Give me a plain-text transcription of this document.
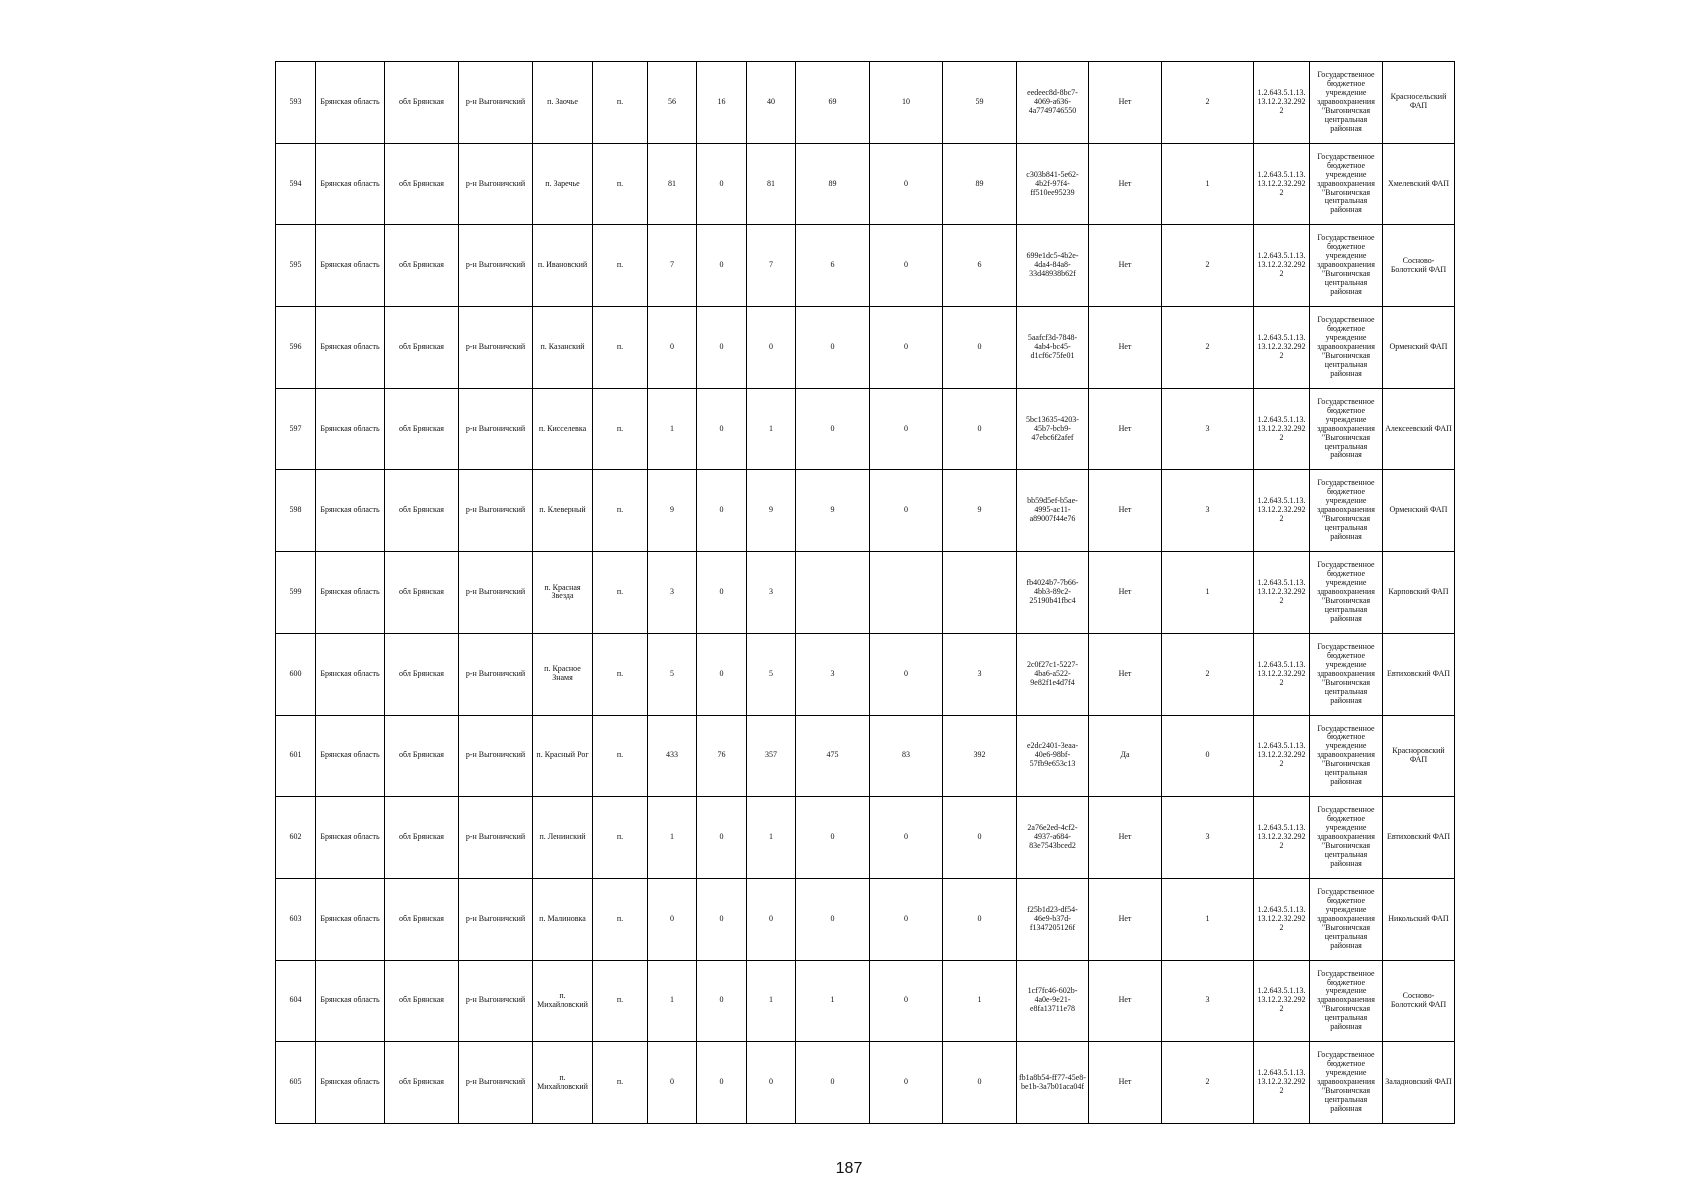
593	Брянская область	обл Брянская	р-н Выгоничский	п. Заочье	п.	56	16	40	69	10	59	eedeec8d-8bc7-4069-a636-4a7749746550	Нет	2	1.2.643.5.1.13.13.12.2.32.2922	Государственное бюджетное учреждение здравоохранения "Выгоничская центральная районная	Красносельский ФАП
594	Брянская область	обл Брянская	р-н Выгоничский	п. Заречье	п.	81	0	81	89	0	89	c303b841-5e62-4b2f-97f4-ff510ee95239	Нет	1	1.2.643.5.1.13.13.12.2.32.2922	Государственное бюджетное учреждение здравоохранения "Выгоничская центральная районная	Хмелевский ФАП
595	Брянская область	обл Брянская	р-н Выгоничский	п. Ивановский	п.	7	0	7	6	0	6	699e1dc5-4b2e-4da4-84a8-33d48938b62f	Нет	2	1.2.643.5.1.13.13.12.2.32.2922	Государственное бюджетное учреждение здравоохранения "Выгоничская центральная районная	Сосново-Болотский ФАП
596	Брянская область	обл Брянская	р-н Выгоничский	п. Казанский	п.	0	0	0	0	0	0	5aafcf3d-7848-4ab4-bc45-d1cf6c75fe01	Нет	2	1.2.643.5.1.13.13.12.2.32.2922	Государственное бюджетное учреждение здравоохранения "Выгоничская центральная районная	Орменский ФАП
597	Брянская область	обл Брянская	р-н Выгоничский	п. Кисселевка	п.	1	0	1	0	0	0	5bc13635-4203-45b7-bcb9-47ebc6f2afef	Нет	3	1.2.643.5.1.13.13.12.2.32.2922	Государственное бюджетное учреждение здравоохранения "Выгоничская центральная районная	Алексеевский ФАП
598	Брянская область	обл Брянская	р-н Выгоничский	п. Клеверный	п.	9	0	9	9	0	9	bb59d5ef-b5ae-4995-ac11-a89007f44e76	Нет	3	1.2.643.5.1.13.13.12.2.32.2922	Государственное бюджетное учреждение здравоохранения "Выгоничская центральная районная	Орменский ФАП
599	Брянская область	обл Брянская	р-н Выгоничский	п. Красная Звезда	п.	3	0	3				fb4024b7-7b66-4bb3-89c2-25190b41fbc4	Нет	1	1.2.643.5.1.13.13.12.2.32.2922	Государственное бюджетное учреждение здравоохранения "Выгоничская центральная районная	Карповский ФАП
600	Брянская область	обл Брянская	р-н Выгоничский	п. Красное Знамя	п.	5	0	5	3	0	3	2c0f27c1-5227-4ba6-a522-9e82f1e4d7f4	Нет	2	1.2.643.5.1.13.13.12.2.32.2922	Государственное бюджетное учреждение здравоохранения "Выгоничская центральная районная	Евтиховский ФАП
601	Брянская область	обл Брянская	р-н Выгоничский	п. Красный Рог	п.	433	76	357	475	83	392	e2dc2401-3eaa-40e6-98bf-57fb9e653c13	Да	0	1.2.643.5.1.13.13.12.2.32.2922	Государственное бюджетное учреждение здравоохранения "Выгоничская центральная районная	Красноровский ФАП
602	Брянская область	обл Брянская	р-н Выгоничский	п. Ленинский	п.	1	0	1	0	0	0	2a76e2ed-4cf2-4937-a684-83e7543bced2	Нет	3	1.2.643.5.1.13.13.12.2.32.2922	Государственное бюджетное учреждение здравоохранения "Выгоничская центральная районная	Евтиховский ФАП
603	Брянская область	обл Брянская	р-н Выгоничский	п. Малиновка	п.	0	0	0	0	0	0	f25b1d23-df54-46e9-b37d-f1347205126f	Нет	1	1.2.643.5.1.13.13.12.2.32.2922	Государственное бюджетное учреждение здравоохранения "Выгоничская центральная районная	Никольский ФАП
604	Брянская область	обл Брянская	р-н Выгоничский	п. Михайловский	п.	1	0	1	1	0	1	1cf7fc46-602b-4a0e-9e21-e8fa13711e78	Нет	3	1.2.643.5.1.13.13.12.2.32.2922	Государственное бюджетное учреждение здравоохранения "Выгоничская центральная районная	Сосново-Болотский ФАП
605	Брянская область	обл Брянская	р-н Выгоничский	п. Михайловский	п.	0	0	0	0	0	0	fb1a8b54-ff77-45e8-be1b-3a7b01aca04f	Нет	2	1.2.643.5.1.13.13.12.2.32.2922	Государственное бюджетное учреждение здравоохранения "Выгоничская центральная районная	Заладновский ФАП
187
